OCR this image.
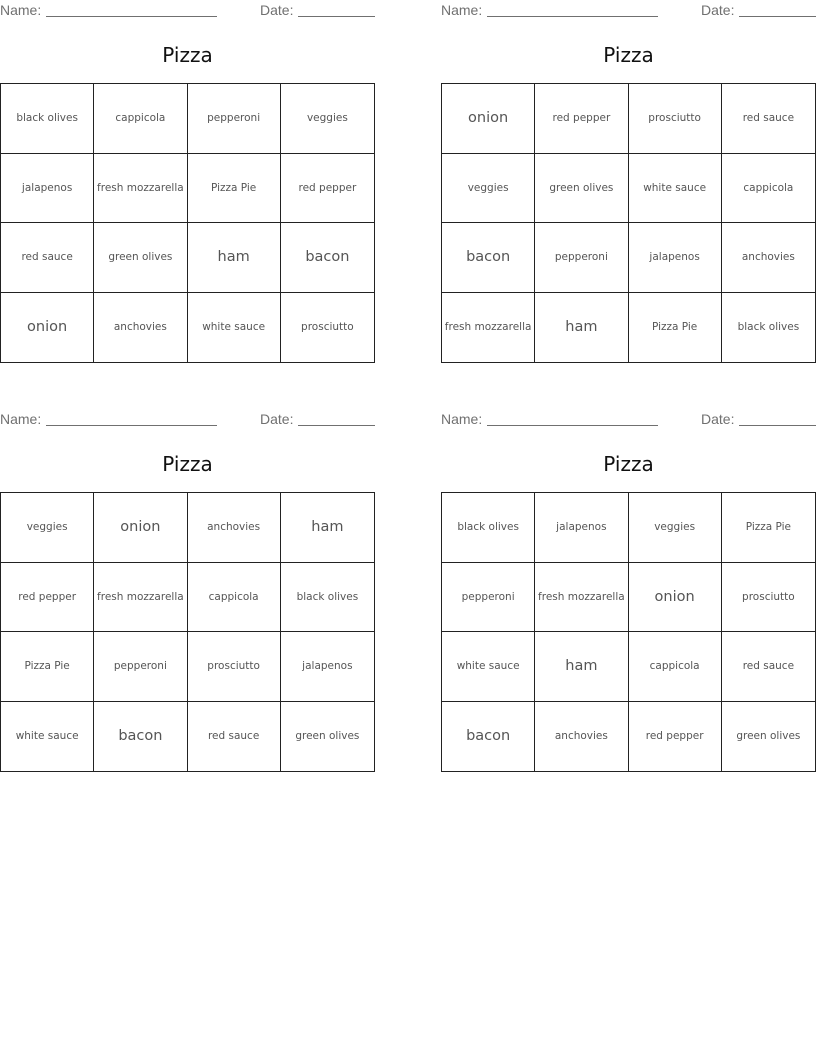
Name:	Date:
Pizza
black olives	cappicola	pepperoni	veggies
jalapenos	fresh mozzarella	Pizza Pie	red pepper
red sauce	green olives	ham	bacon
onion	anchovies	white sauce	prosciutto
Name:	Date:
Pizza
onion	red pepper	prosciutto	red sauce
veggies	green olives	white sauce	cappicola
bacon	pepperoni	jalapenos	anchovies
fresh mozzarella	ham	Pizza Pie	black olives
Name:	Date:
Pizza
veggies	onion	anchovies	ham
red pepper	fresh mozzarella	cappicola	black olives
Pizza Pie	pepperoni	prosciutto	jalapenos
white sauce	bacon	red sauce	green olives
Name:	Date:
Pizza
black olives	jalapenos	veggies	Pizza Pie
pepperoni	fresh mozzarella	onion	prosciutto
white sauce	ham	cappicola	red sauce
bacon	anchovies	red pepper	green olives
